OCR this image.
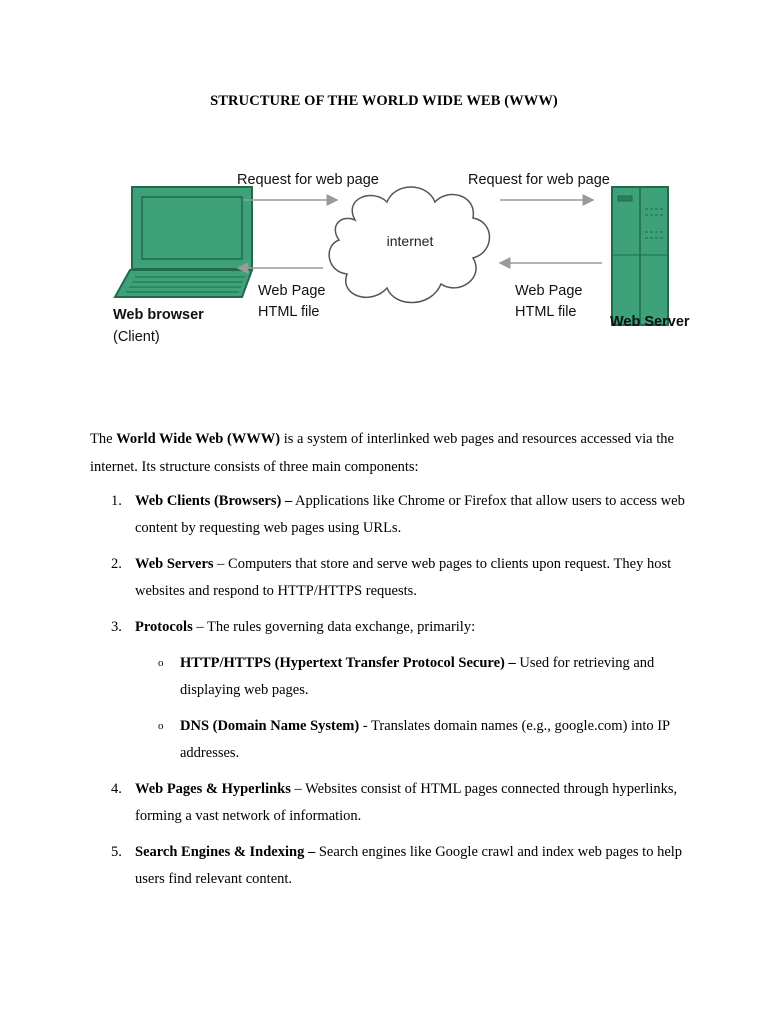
STRUCTURE OF THE WORLD WIDE WEB (WWW)
internet
Request for web page	Request for web page
Web Page
HTML file
Web Page
HTML file
Web browser
(Client)
Web Server
The World Wide Web (WWW) is a system of interlinked web pages and resources accessed via the internet. Its structure consists of three main components:
1. Web Clients (Browsers) – Applications like Chrome or Firefox that allow users to access web content by requesting web pages using URLs.
2. Web Servers – Computers that store and serve web pages to clients upon request. They host websites and respond to HTTP/HTTPS requests.
3. Protocols – The rules governing data exchange, primarily:
o HTTP/HTTPS (Hypertext Transfer Protocol Secure) – Used for retrieving and displaying web pages.
o DNS (Domain Name System) - Translates domain names (e.g., google.com) into IP addresses.
4. Web Pages & Hyperlinks – Websites consist of HTML pages connected through hyperlinks, forming a vast network of information.
5. Search Engines & Indexing – Search engines like Google crawl and index web pages to help users find relevant content.
